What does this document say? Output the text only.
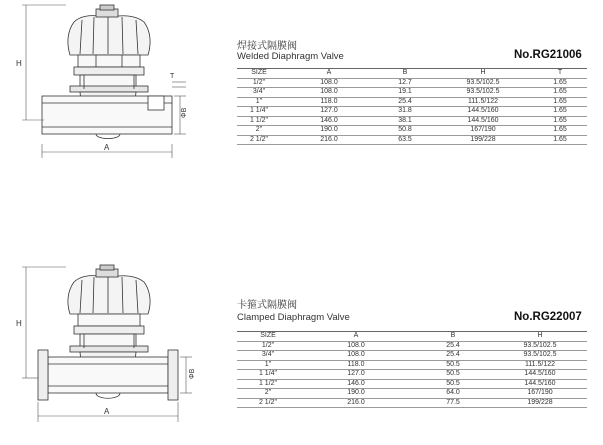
H
A
ΦB
T
焊接式隔膜阀
Welded Diaphragm Valve	No.RG21006
SIZE	A	B	H	T
1/2"	108.0	12.7	93.5/102.5	1.65
3/4"	108.0	19.1	93.5/102.5	1.65
1"	118.0	25.4	111.5/122	1.65
1 1/4"	127.0	31.8	144.5/160	1.65
1 1/2"	146.0	38.1	144.5/160	1.65
2"	190.0	50.8	167/190	1.65
2 1/2"	216.0	63.5	199/228	1.65
H
A
ΦB
卡箍式隔膜阀
Clamped Diaphragm Valve	No.RG22007
SIZE	A	B	H
1/2"	108.0	25.4	93.5/102.5
3/4"	108.0	25.4	93.5/102.5
1"	118.0	50.5	111.5/122
1 1/4"	127.0	50.5	144.5/160
1 1/2"	146.0	50.5	144.5/160
2"	190.0	64.0	167/190
2 1/2"	216.0	77.5	199/228
